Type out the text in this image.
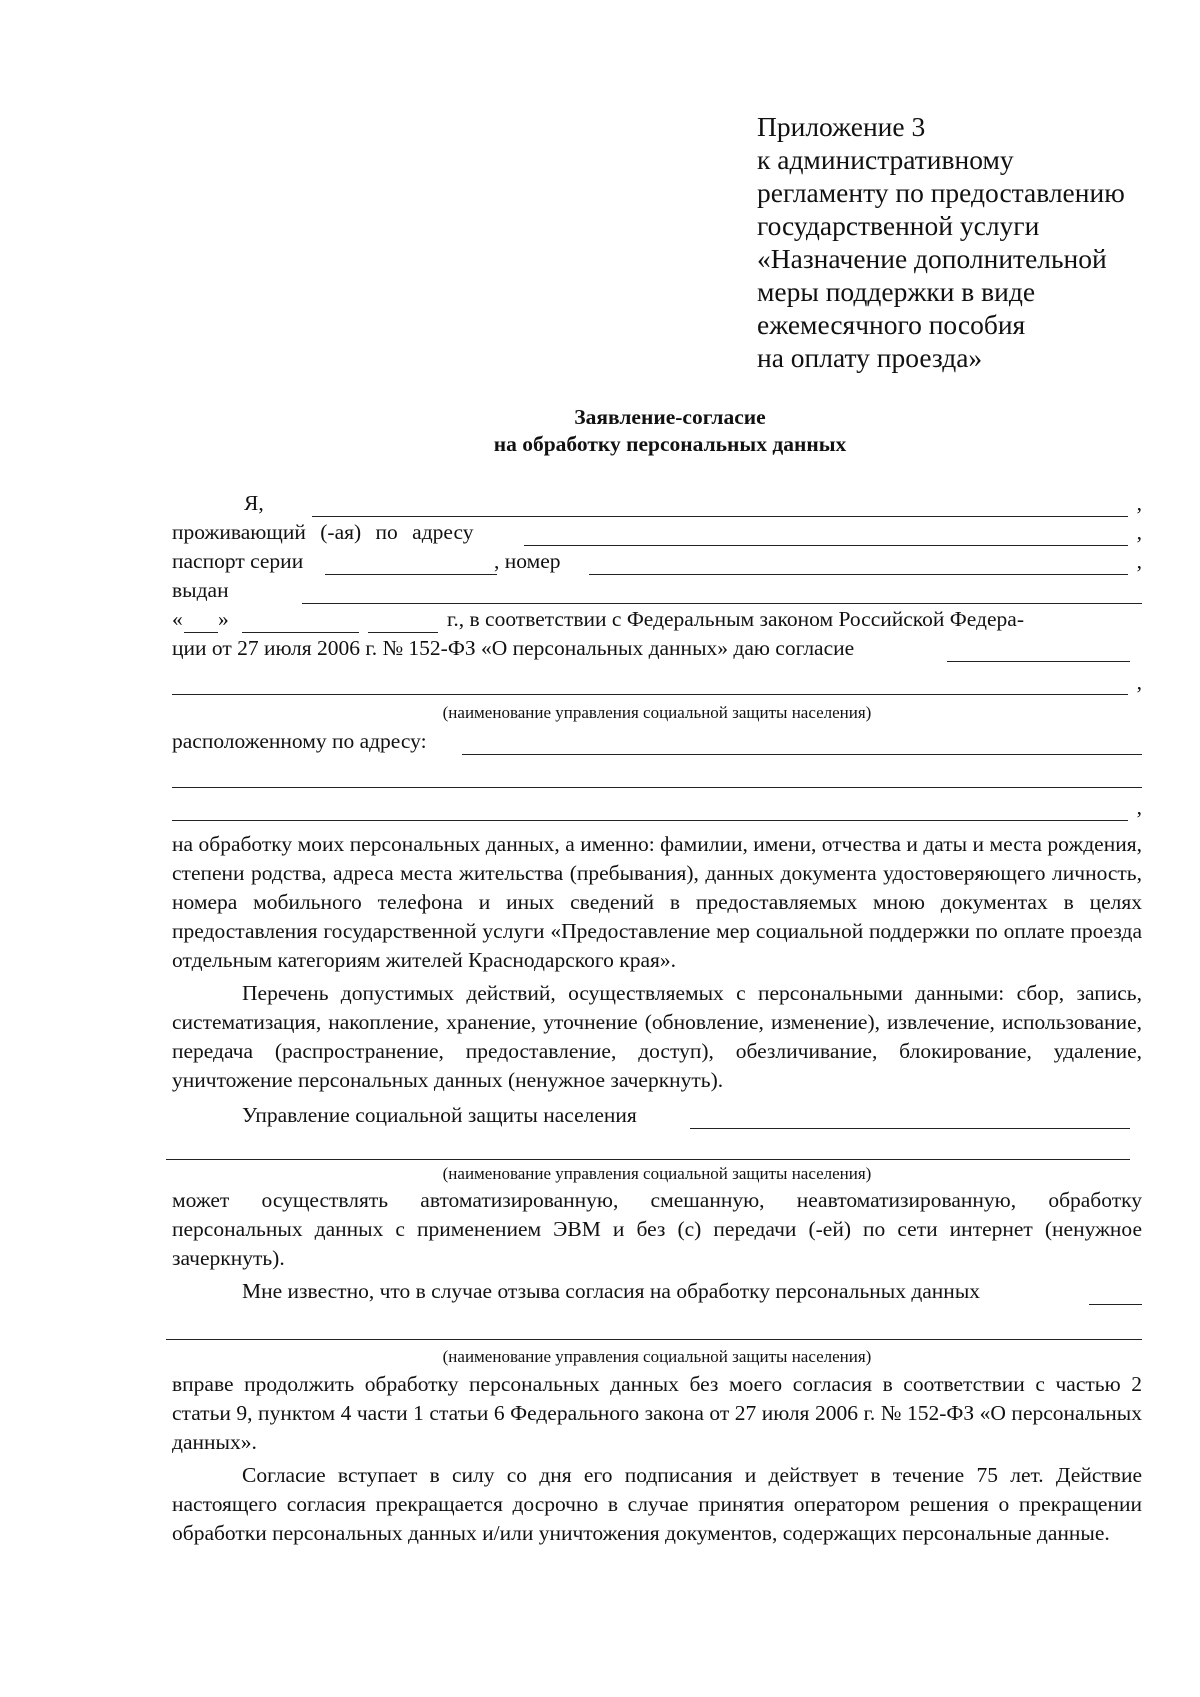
Приложение 3
к административному
регламенту по предоставлению
государственной услуги
«Назначение дополнительной
меры поддержки в виде
ежемесячного пособия
на оплату проезда»
Заявление-согласие
на обработку персональных данных
Я,	,
проживающий (-ая) по адресу	,
паспорт серии	, номер	,
выдан
« »	г., в соответствии с Федеральным законом Российской Федера-
ции от 27 июля 2006 г. № 152-ФЗ «О персональных данных» даю согласие
,
(наименование управления социальной защиты населения)
расположенному по адресу:
,

на обработку моих персональных данных, а именно: фамилии, имени, отчества и даты и места рождения, степени родства, адреса места жительства (пребывания), данных документа удостоверяющего личность, номера мобильного телефона и иных сведений в предоставляемых мною документах в целях предоставления государственной услуги «Предоставление мер социальной поддержки по оплате проезда отдельным категориям жителей Краснодарского края».

Перечень допустимых действий, осуществляемых с персональными данными: сбор, запись, систематизация, накопление, хранение, уточнение (обновление, изменение), извлечение, использование, передача (распространение, предоставление, доступ), обезличивание, блокирование, удаление, уничтожение персональных данных (ненужное зачеркнуть).

Управление социальной защиты населения
(наименование управления социальной защиты населения)

может осуществлять автоматизированную, смешанную, неавтоматизированную, обработку персональных данных с применением ЭВМ и без (с) передачи (-ей) по сети интернет (ненужное зачеркнуть).

Мне известно, что в случае отзыва согласия на обработку персональных данных
(наименование управления социальной защиты населения)

вправе продолжить обработку персональных данных без моего согласия в соответствии с частью 2 статьи 9, пунктом 4 части 1 статьи 6 Федерального закона от 27 июля 2006 г. № 152-ФЗ «О персональных данных».

Согласие вступает в силу со дня его подписания и действует в течение 75 лет. Действие настоящего согласия прекращается досрочно в случае принятия оператором решения о прекращении обработки персональных данных и/или уничтожения документов, содержащих персональные данные.
